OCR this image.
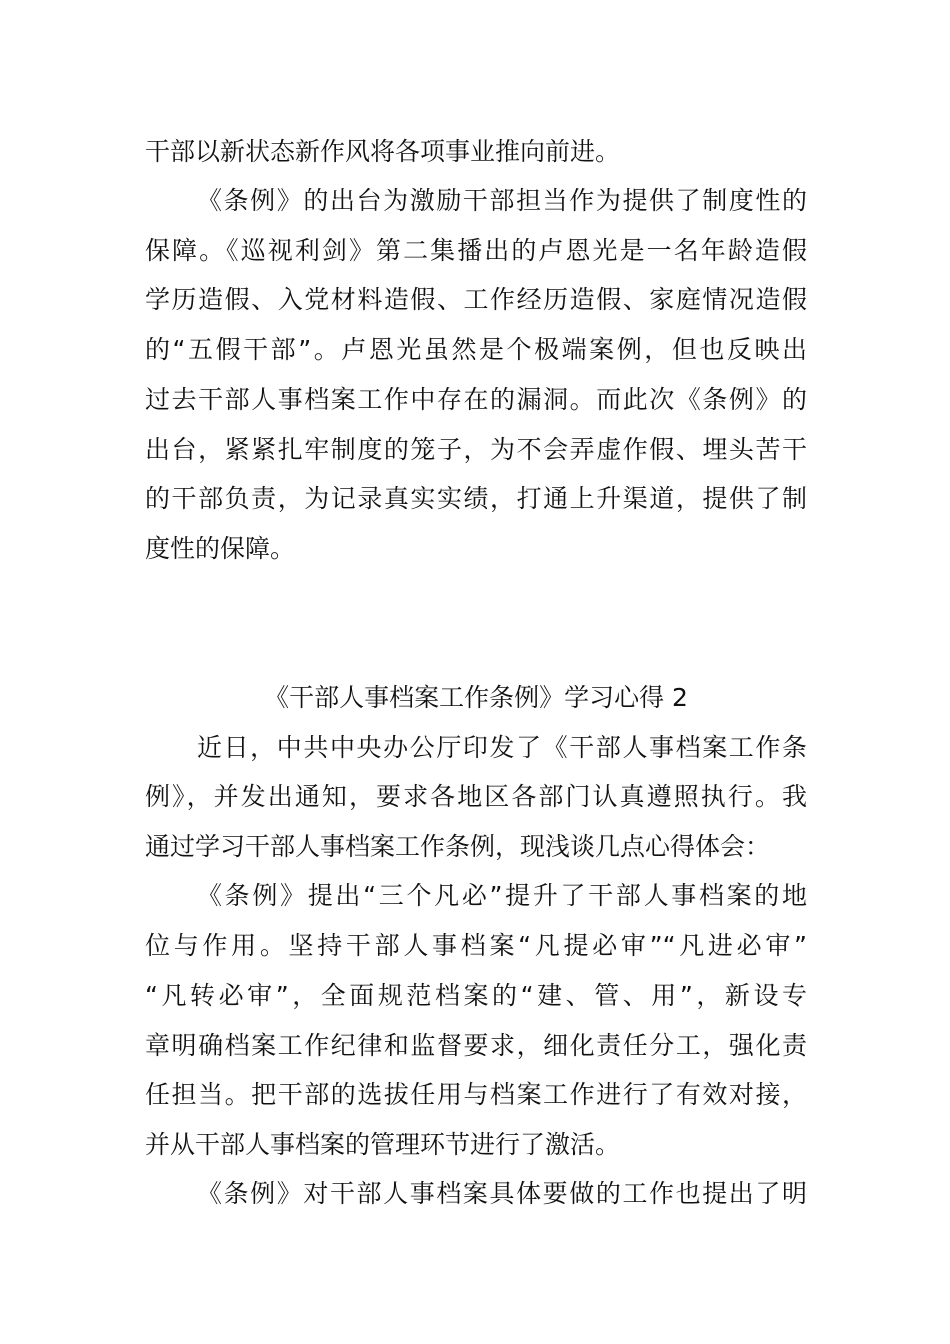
干部以新状态新作风将各项事业推向前进。
《条例》的出台为激励干部担当作为提供了制度性的
保障。《巡视利剑》第二集播出的卢恩光是一名年龄造假
学历造假、入党材料造假、工作经历造假、家庭情况造假
的“五假干部”。卢恩光虽然是个极端案例，但也反映出
过去干部人事档案工作中存在的漏洞。而此次《条例》的
出台，紧紧扎牢制度的笼子，为不会弄虚作假、埋头苦干
的干部负责，为记录真实实绩，打通上升渠道，提供了制
度性的保障。
《干部人事档案工作条例》学习心得 2
近日，中共中央办公厅印发了《干部人事档案工作条
例》，并发出通知，要求各地区各部门认真遵照执行。我
通过学习干部人事档案工作条例，现浅谈几点心得体会：
《条例》提出“三个凡必”提升了干部人事档案的地
位与作用。坚持干部人事档案“凡提必审”“凡进必审”
“凡转必审”，全面规范档案的“建、管、用”，新设专
章明确档案工作纪律和监督要求，细化责任分工，强化责
任担当。把干部的选拔任用与档案工作进行了有效对接，
并从干部人事档案的管理环节进行了激活。
《条例》对干部人事档案具体要做的工作也提出了明
